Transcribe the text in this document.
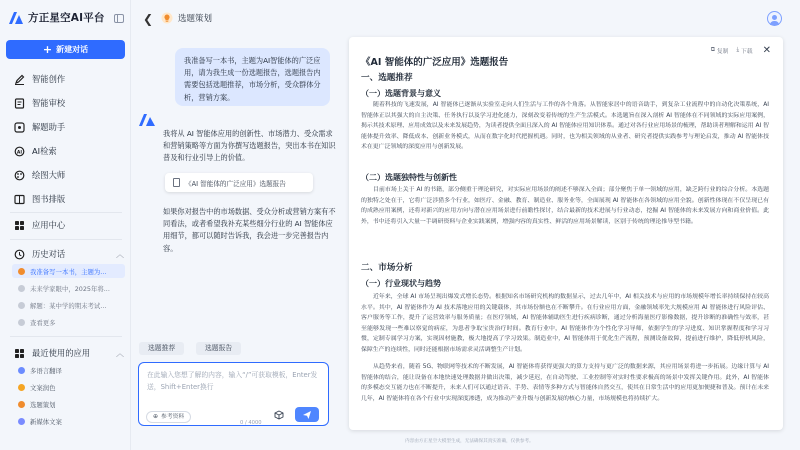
方正星空AI平台
+ 新建对话
智能创作
智能审校
解题助手
AI AI检索
绘图大师
图书排版
应用中心
历史对话	︿
我准备写一本书，主题为...
未来学家眼中，2025年将...
解题：某中学的期末考试...
查看更多
最近使用的应用	︿
多语言翻译
文案润色
选题策划
新媒体文案
❮	选题策划
我准备写一本书，主题为AI智能体的广泛应用，请为我生成一份选题报告，选题报告内需要包括选题推荐，市场分析，受众群体分析，营销方案。
我将从 AI 智能体应用的创新性、市场潜力、受众需求和营销策略等方面为你撰写选题报告，突出本书在知识普及和行业引导上的价值。
《AI 智能体的广泛应用》选题报告
如果你对报告中的市场数据、受众分析或营销方案有不同看法，或者希望我补充某些细分行业的 AI 智能体应用细节，都可以随时告诉我，我会进一步完善报告内容。
选题推荐	选题报告
在此输入您想了解的内容，输入“/”可获取模板，Enter发送，Shift+Enter换行
⊕ 参考资料
0 / 4000
⧉ 复制 ⤓ 下载 ✕
《AI 智能体的广泛应用》选题报告
一、选题推荐
（一）选题背景与意义
随着科技的飞速发展，AI 智能体已逐渐从实验室走向人们生活与工作的各个角落。从智能家居中的语音助手，到复杂工业流程中的自动化决策系统，AI 智能体正以其强大的自主决策、任务执行以及学习进化能力，深刻改变着传统的生产生活模式。本选题旨在深入剖析 AI 智能体在不同领域的实际应用案例，揭示其技术原理、应用成效以及未来发展趋势，为读者提供全面且深入的 AI 智能体应用知识体系。通过对各行业应用场景的梳理，帮助读者理解和运用 AI 智能体提升效率、降低成本、创新业务模式，从而在数字化时代把握机遇。同时，也为相关领域的从业者、研究者提供实践参考与理论启发，推动 AI 智能体技术在更广泛领域的深度应用与创新发展。
（二）选题独特性与创新性
目前市场上关于 AI 的书籍，部分侧重于理论研究，对实际应用场景的阐述不够深入全面；部分聚焦于单一领域的应用，缺乏跨行业的综合分析。本选题的独特之处在于，它将广泛涉猎多个行业，如医疗、金融、教育、制造业、服务业等，全面展现 AI 智能体在各领域的应用全貌。创新性体现在不仅呈现已有的成熟应用案例，还将对新兴的应用方向与潜在应用场景进行前瞻性探讨，结合最新的技术进展与行业动态，挖掘 AI 智能体的未来发展方向和商业价值。此外，书中还将引入大量一手调研资料与企业实践案例，增强内容的真实性、鲜活的应用场景解读，区别于传统的理论推导型书籍。
二、市场分析
（一）行业现状与趋势
近年来，全球 AI 市场呈现出爆发式增长态势。根据知名市场研究机构的数据显示，过去几年中，AI 相关技术与应用的市场规模年增长率持续保持在较高水平。其中，AI 智能体作为 AI 技术落地应用的关键载体，其市场份额也在不断攀升。在行业应用方面，金融领域率先大规模应用 AI 智能体进行风险评估、客户服务等工作，提升了运营效率与服务质量；在医疗领域，AI 智能体辅助医生进行疾病诊断，通过分析海量医疗影像数据，提升诊断的准确性与效率，甚至能够发现一些难以察觉的病症，为患者争取宝贵治疗时间。教育行业中，AI 智能体作为个性化学习导师，依据学生的学习进度、知识掌握程度和学习习惯，定制专属学习方案，实现因材施教，极大地提高了学习效果。制造业中，AI 智能体用于优化生产流程，预测设备故障，提前进行维护，降低停机风险，保障生产的连续性，同时还能根据市场需求灵活调整生产计划。
从趋势来看，随着 5G、物联网等技术的不断发展，AI 智能体将获得更强大的算力支持与更广泛的数据来源，其应用场景将进一步拓展。边缘计算与 AI 智能体的结合，能让设备在本地快速处理数据并做出决策，减少延迟，在自动驾驶、工业控制等对实时性要求极高的场景中发挥关键作用。此外，AI 智能体的多模态交互能力也在不断提升，未来人们可以通过语音、手势、表情等多种方式与智能体自然交互，使其在日常生活中的应用更加便捷和普及。预计在未来几年，AI 智能体将在各个行业中实现深度渗透，成为推动产业升级与创新发展的核心力量，市场规模也将持续扩大。
内容由方正星空大模型生成，无法确保其真实准确，仅供参考。
